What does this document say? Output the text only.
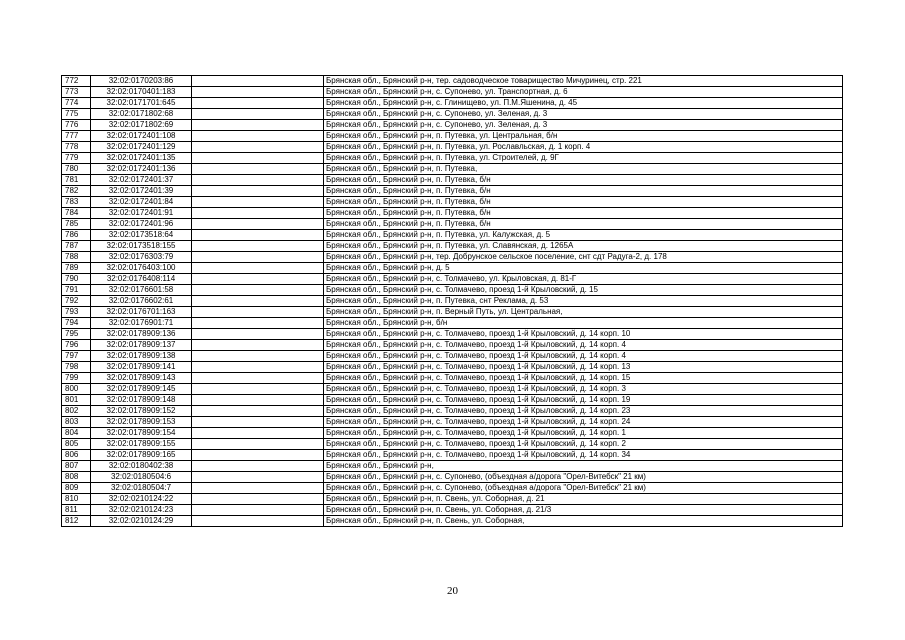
772	32:02:0170203:86		Брянская обл., Брянский р-н, тер. садоводческое товарищество Мичуринец, стр. 221
773	32:02:0170401:183		Брянская обл., Брянский р-н, с. Супонево, ул. Транспортная, д. 6
774	32:02:0171701:645		Брянская обл., Брянский р-н, с. Глинищево, ул. П.М.Яшенина, д. 45
775	32:02:0171802:68		Брянская обл., Брянский р-н, с. Супонево, ул. Зеленая, д. 3
776	32:02:0171802:69		Брянская обл., Брянский р-н, с. Супонево, ул. Зеленая, д. 3
777	32:02:0172401:108		Брянская обл., Брянский р-н, п. Путевка, ул. Центральная, б/н
778	32:02:0172401:129		Брянская обл., Брянский р-н, п. Путевка, ул. Рославльская, д. 1 корп. 4
779	32:02:0172401:135		Брянская обл., Брянский р-н, п. Путевка, ул. Строителей, д. 9Г
780	32:02:0172401:136		Брянская обл., Брянский р-н, п. Путевка,
781	32:02:0172401:37		Брянская обл., Брянский р-н, п. Путевка, б/н
782	32:02:0172401:39		Брянская обл., Брянский р-н, п. Путевка, б/н
783	32:02:0172401:84		Брянская обл., Брянский р-н, п. Путевка, б/н
784	32:02:0172401:91		Брянская обл., Брянский р-н, п. Путевка, б/н
785	32:02:0172401:96		Брянская обл., Брянский р-н, п. Путевка, б/н
786	32:02:0173518:64		Брянская обл., Брянский р-н, п. Путевка, ул. Калужская, д. 5
787	32:02:0173518:155		Брянская обл., Брянский р-н, п. Путевка, ул. Славянская, д. 1265А
788	32:02:0176303:79		Брянская обл., Брянский р-н, тер. Добрунское сельское поселение, снт сдт Радуга-2, д. 178
789	32:02:0176403:100		Брянская обл., Брянский р-н, д. 5
790	32:02:0176408:114		Брянская обл., Брянский р-н, с. Толмачево, ул. Крыловская, д. 81-Г
791	32:02:0176601:58		Брянская обл., Брянский р-н, с. Толмачево, проезд 1-й Крыловский, д. 15
792	32:02:0176602:61		Брянская обл., Брянский р-н, п. Путевка, снт Реклама, д. 53
793	32:02:0176701:163		Брянская обл., Брянский р-н, п. Верный Путь, ул. Центральная,
794	32:02:0176901:71		Брянская обл., Брянский р-н, б/н
795	32:02:0178909:136		Брянская обл., Брянский р-н, с. Толмачево, проезд 1-й Крыловский, д. 14 корп. 10
796	32:02:0178909:137		Брянская обл., Брянский р-н, с. Толмачево, проезд 1-й Крыловский, д. 14 корп. 4
797	32:02:0178909:138		Брянская обл., Брянский р-н, с. Толмачево, проезд 1-й Крыловский, д. 14 корп. 4
798	32:02:0178909:141		Брянская обл., Брянский р-н, с. Толмачево, проезд 1-й Крыловский, д. 14 корп. 13
799	32:02:0178909:143		Брянская обл., Брянский р-н, с. Толмачево, проезд 1-й Крыловский, д. 14 корп. 15
800	32:02:0178909:145		Брянская обл., Брянский р-н, с. Толмачево, проезд 1-й Крыловский, д. 14 корп. 3
801	32:02:0178909:148		Брянская обл., Брянский р-н, с. Толмачево, проезд 1-й Крыловский, д. 14 корп. 19
802	32:02:0178909:152		Брянская обл., Брянский р-н, с. Толмачево, проезд 1-й Крыловский, д. 14 корп. 23
803	32:02:0178909:153		Брянская обл., Брянский р-н, с. Толмачево, проезд 1-й Крыловский, д. 14 корп. 24
804	32:02:0178909:154		Брянская обл., Брянский р-н, с. Толмачево, проезд 1-й Крыловский, д. 14 корп. 1
805	32:02:0178909:155		Брянская обл., Брянский р-н, с. Толмачево, проезд 1-й Крыловский, д. 14 корп. 2
806	32:02:0178909:165		Брянская обл., Брянский р-н, с. Толмачево, проезд 1-й Крыловский, д. 14 корп. 34
807	32:02:0180402:38		Брянская обл., Брянский р-н,
808	32:02:0180504:6		Брянская обл., Брянский р-н, с. Супонево, (объездная а/дорога "Орел-Витебск" 21 км)
809	32:02:0180504:7		Брянская обл., Брянский р-н, с. Супонево, (объездная а/дорога "Орел-Витебск" 21 км)
810	32:02:0210124:22		Брянская обл., Брянский р-н, п. Свень, ул. Соборная, д. 21
811	32:02:0210124:23		Брянская обл., Брянский р-н, п. Свень, ул. Соборная, д. 21/3
812	32:02:0210124:29		Брянская обл., Брянский р-н, п. Свень, ул. Соборная,
20
